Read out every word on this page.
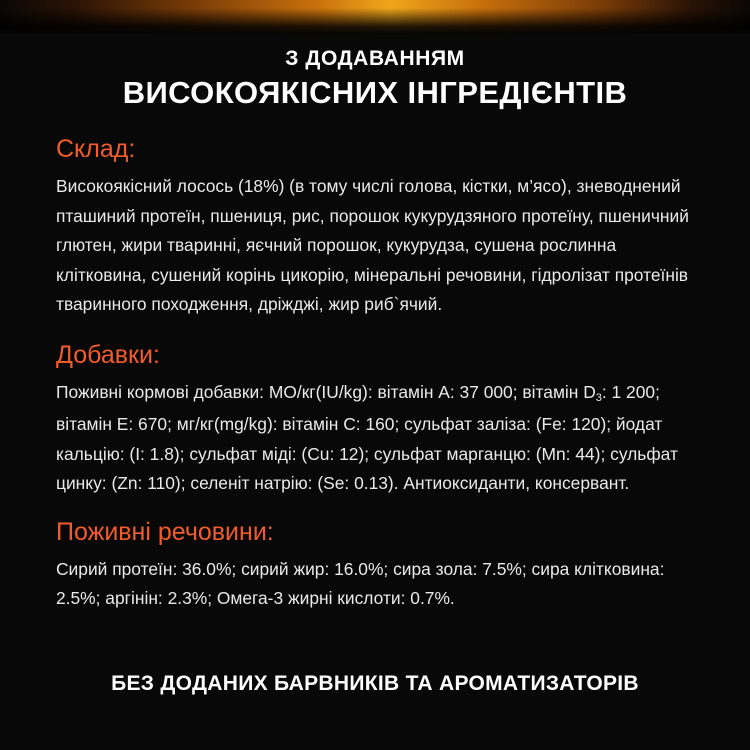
З ДОДАВАННЯМ
ВИСОКОЯКІСНИХ ІНГРЕДІЄНТІВ
Склад:
Високоякісний лосось (18%) (в тому числі голова, кістки, м’ясо), зневоднений пташиний протеїн, пшениця, рис, порошок кукурудзяного протеїну, пшеничний глютен, жири тваринні, яєчний порошок, кукурудза, сушена рослинна клітковина, сушений корінь цикорію, мінеральні речовини, гідролізат протеїнів тваринного походження, дріжджі, жир риб`ячий.
Добавки:
Поживні кормові добавки: МО/кг(IU/kg): вітамін A: 37 000; вітамін $D_3$: 1 200; вітамін E: 670; мг/кг(mg/kg): вітамін C: 160; сульфат заліза: (Fe: 120); йодат кальцію: (I: 1.8); сульфат міді: (Cu: 12); сульфат марганцю: (Mn: 44); сульфат цинку: (Zn: 110); селеніт натрію: (Se: 0.13). Антиоксиданти, консервант.
Поживні речовини:
Сирий протеїн: 36.0%; сирий жир: 16.0%; сира зола: 7.5%; сира клітковина: 2.5%; аргінін: 2.3%; Омега-3 жирні кислоти: 0.7%.
БЕЗ ДОДАНИХ БАРВНИКІВ ТА АРОМАТИЗАТОРІВ
